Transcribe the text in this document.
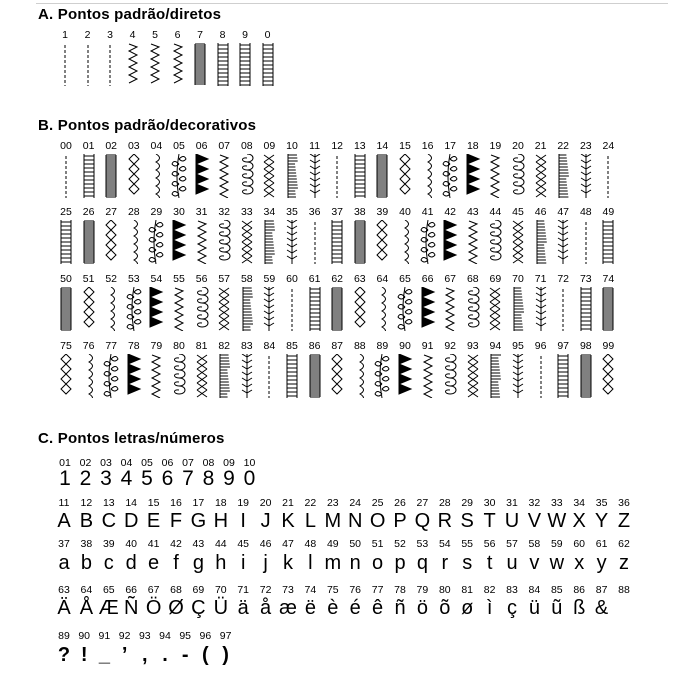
A. Pontos padrão/diretos
B. Pontos padrão/decorativos
C. Pontos letras/números
1	2	3	4	5	6	7	8	9	0
00	01	02	03	04	05	06	07	08	09	10	11	12	13	14	15	16	17	18	19	20	21	22	23	24
25	26	27	28	29	30	31	32	33	34	35	36	37	38	39	40	41	42	43	44	45	46	47	48	49
50	51	52	53	54	55	56	57	58	59	60	61	62	63	64	65	66	67	68	69	70	71	72	73	74
75	76	77	78	79	80	81	82	83	84	85	86	87	88	89	90	91	92	93	94	95	96	97	98	99
01 02 03 04 05 06 07 08 09 10
1 2 3 4 5 6 7 8 9 0
11	12	13	14	15	16	17	18	19	20	21	22	23	24	25	26	27	28	29	30	31	32	33	34	35	36
A B C D E F G H I J K L M N O P Q R S T U V W X Y Z
37	38	39	40	41	42	43	44	45	46	47	48	49	50	51	52	53	54	55	56	57	58	59	60	61	62
a b c d e f g h i j k l m n o p q r s t u v w x y z
63	64	65	66	67	68	69	70	71	72	73	74	75	76	77	78	79	80	81	82	83	84	85	86	87	88
Ä Å Æ Ñ Ö Ø Ç Ü ä å æ ë è é ê ñ ö õ ø ì ç ü ũ ß &
89 90 91 92 93 94 95 96 97
? ! _ ’ , . - ( )
